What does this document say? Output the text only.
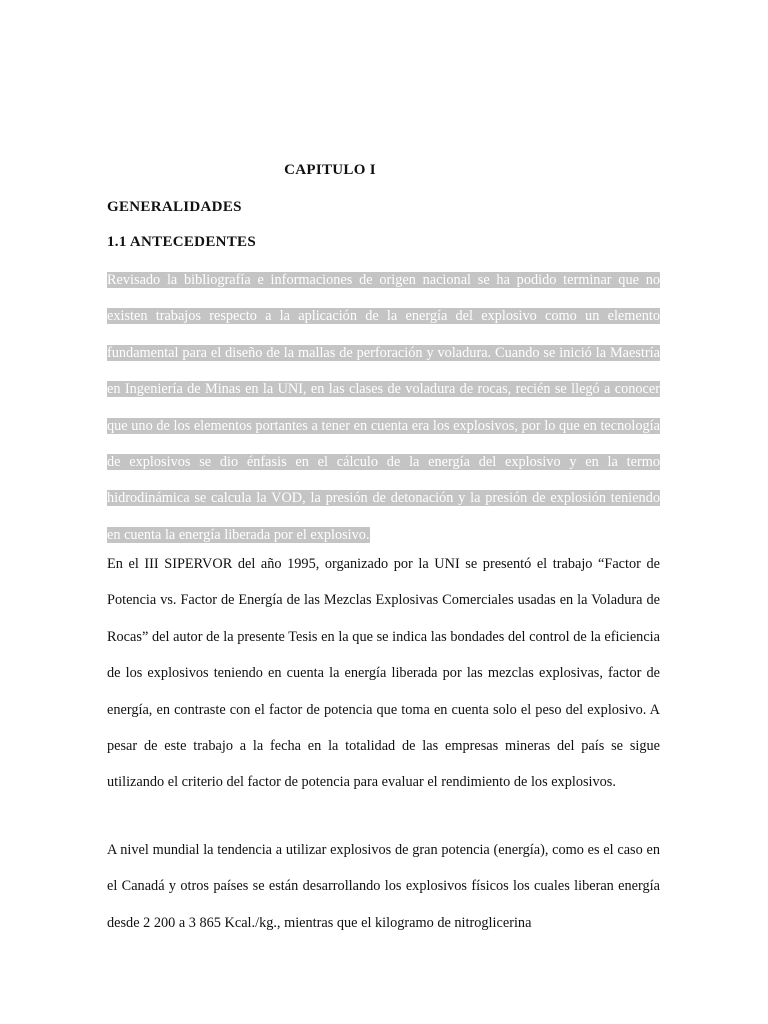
CAPITULO I
GENERALIDADES
1.1 ANTECEDENTES

Revisado la bibliografía e informaciones de origen nacional se ha podido terminar que no existen trabajos respecto a la aplicación de la energía del explosivo como un elemento fundamental para el diseño de la mallas de perforación y voladura. Cuando se inició la Maestría en Ingeniería de Minas en la UNI, en las clases de voladura de rocas, recién se llegó a conocer que uno de los elementos portantes a tener en cuenta era los explosivos, por lo que en tecnología de explosivos se dio énfasis en el cálculo de la energía del explosivo y en la termo hidrodinámica se calcula la VOD, la presión de detonación y la presión de explosión teniendo en cuenta la energía liberada por el explosivo.

En el III SIPERVOR del año 1995, organizado por la UNI se presentó el trabajo “Factor de Potencia vs. Factor de Energía de las Mezclas Explosivas Comerciales usadas en la Voladura de Rocas” del autor de la presente Tesis en la que se indica las bondades del control de la eficiencia de los explosivos teniendo en cuenta la energía liberada por las mezclas explosivas, factor de energía, en contraste con el factor de potencia que toma en cuenta solo el peso del explosivo. A pesar de este trabajo a la fecha en la totalidad de las empresas mineras del país se sigue utilizando el criterio del factor de potencia para evaluar el rendimiento de los explosivos.

A nivel mundial la tendencia a utilizar explosivos de gran potencia (energía), como es el caso en el Canadá y otros países se están desarrollando los explosivos físicos los cuales liberan energía desde 2 200 a 3 865 Kcal./kg., mientras que el kilogramo de nitroglicerina
